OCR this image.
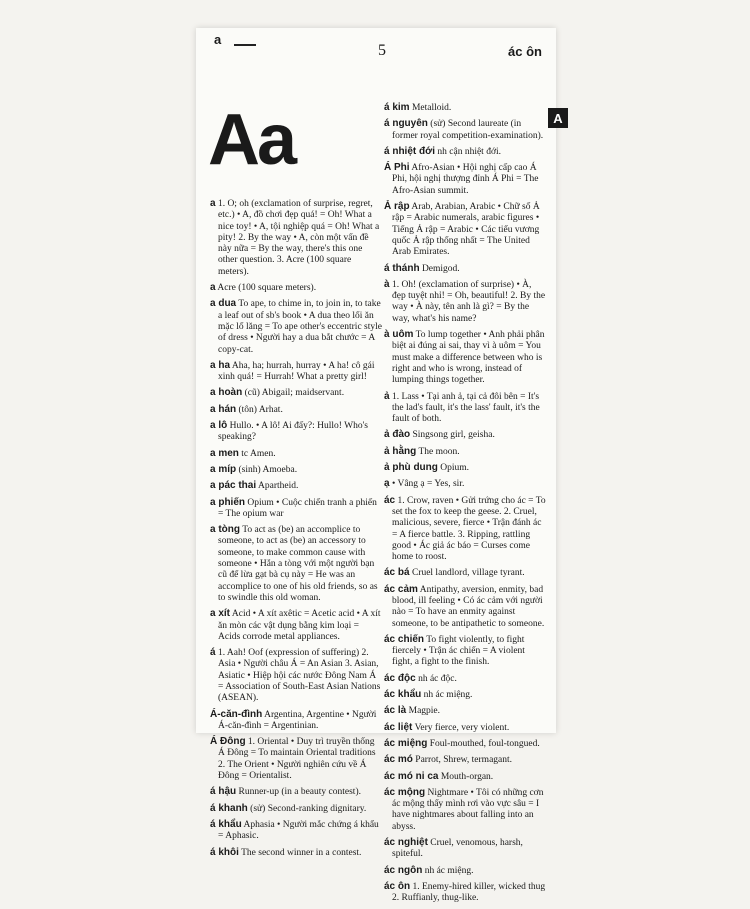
a
5	ác ôn
Aa	A

a 1. O; oh (exclamation of surprise, regret, etc.) • A, đồ chơi đẹp quá! = Oh! What a nice toy! • A, tội nghiệp quá = Oh! What a pity! 2. By the way • A, còn một vấn đề này nữa = By the way, there's this one other question. 3. Acre (100 square meters).

a Acre (100 square meters).

a dua To ape, to chime in, to join in, to take a leaf out of sb's book • A dua theo lối ăn mặc lố lăng = To ape other's eccentric style of dress • Người hay a dua bắt chước = A copy-cat.

a ha Aha, ha; hurrah, hurray • A ha! cô gái xinh quá! = Hurrah! What a pretty girl!

a hoàn (cũ) Abigail; maidservant.

a hán (tôn) Arhat.

a lô Hullo. • A lô! Ai đấy?: Hullo! Who's speaking?

a men tc Amen.

a míp (sinh) Amoeba.

a pác thai Apartheid.

a phiến Opium • Cuộc chiến tranh a phiến = The opium war

a tòng To act as (be) an accomplice to someone, to act as (be) an accessory to someone, to make common cause with someone • Hắn a tòng với một người bạn cũ để lừa gạt bà cụ này = He was an accomplice to one of his old friends, so as to swindle this old woman.

a xít Acid • A xít axêtic = Acetic acid • A xít ăn mòn các vật dụng bằng kim loại = Acids corrode metal appliances.

á 1. Aah! Oof (expression of suffering) 2. Asia • Người châu Á = An Asian 3. Asian, Asiatic • Hiệp hội các nước Đông Nam Á = Association of South-East Asian Nations (ASEAN).

Á-căn-đình Argentina, Argentine • Người Á-căn-đình = Argentinian.

Á Đông 1. Oriental • Duy trì truyền thống Á Đông = To maintain Oriental traditions 2. The Orient • Người nghiên cứu về Á Đông = Orientalist.

á hậu Runner-up (in a beauty contest).

á khanh (sử) Second-ranking dignitary.

á khẩu Aphasia • Người mắc chứng á khẩu = Aphasic.

á khôi The second winner in a contest.

á kim Metalloid.

á nguyên (sử) Second laureate (in former royal competition-examination).

á nhiệt đới nh cận nhiệt đới.

Á Phi Afro-Asian • Hội nghị cấp cao Á Phi, hội nghị thượng đỉnh Á Phi = The Afro-Asian summit.

Ả rập Arab, Arabian, Arabic • Chữ số Ả rập = Arabic numerals, arabic figures • Tiếng Ả rập = Arabic • Các tiểu vương quốc Ả rập thống nhất = The United Arab Emirates.

á thánh Demigod.

à 1. Oh! (exclamation of surprise) • À, đẹp tuyệt nhỉ! = Oh, beautiful! 2. By the way • À này, tên anh là gì? = By the way, what's his name?

à uôm To lump together • Anh phải phân biệt ai đúng ai sai, thay vì à uôm = You must make a difference between who is right and who is wrong, instead of lumping things together.

ả 1. Lass • Tại anh ả, tại cả đôi bên = It's the lad's fault, it's the lass' fault, it's the fault of both.

ả đào Singsong girl, geisha.

ả hằng The moon.

ả phù dung Opium.

ạ • Vâng ạ = Yes, sir.

ác 1. Crow, raven • Gửi trứng cho ác = To set the fox to keep the geese. 2. Cruel, malicious, severe, fierce • Trận đánh ác = A fierce battle. 3. Ripping, rattling good • Ác giả ác báo = Curses come home to roost.

ác bá Cruel landlord, village tyrant.

ác cảm Antipathy, aversion, enmity, bad blood, ill feeling • Có ác cảm với người nào = To have an enmity against someone, to be antipathetic to someone.

ác chiến To fight violently, to fight fiercely • Trận ác chiến = A violent fight, a fight to the finish.

ác độc nh ác độc.

ác khẩu nh ác miệng.

ác là Magpie.

ác liệt Very fierce, very violent.

ác miệng Foul-mouthed, foul-tongued.

ác mó Parrot, Shrew, termagant.

ác mó ni ca Mouth-organ.

ác mộng Nightmare • Tôi có những cơn ác mộng thấy mình rơi vào vực sâu = I have nightmares about falling into an abyss.

ác nghiệt Cruel, venomous, harsh, spiteful.

ác ngôn nh ác miệng.

ác ôn 1. Enemy-hired killer, wicked thug 2. Ruffianly, thug-like.
